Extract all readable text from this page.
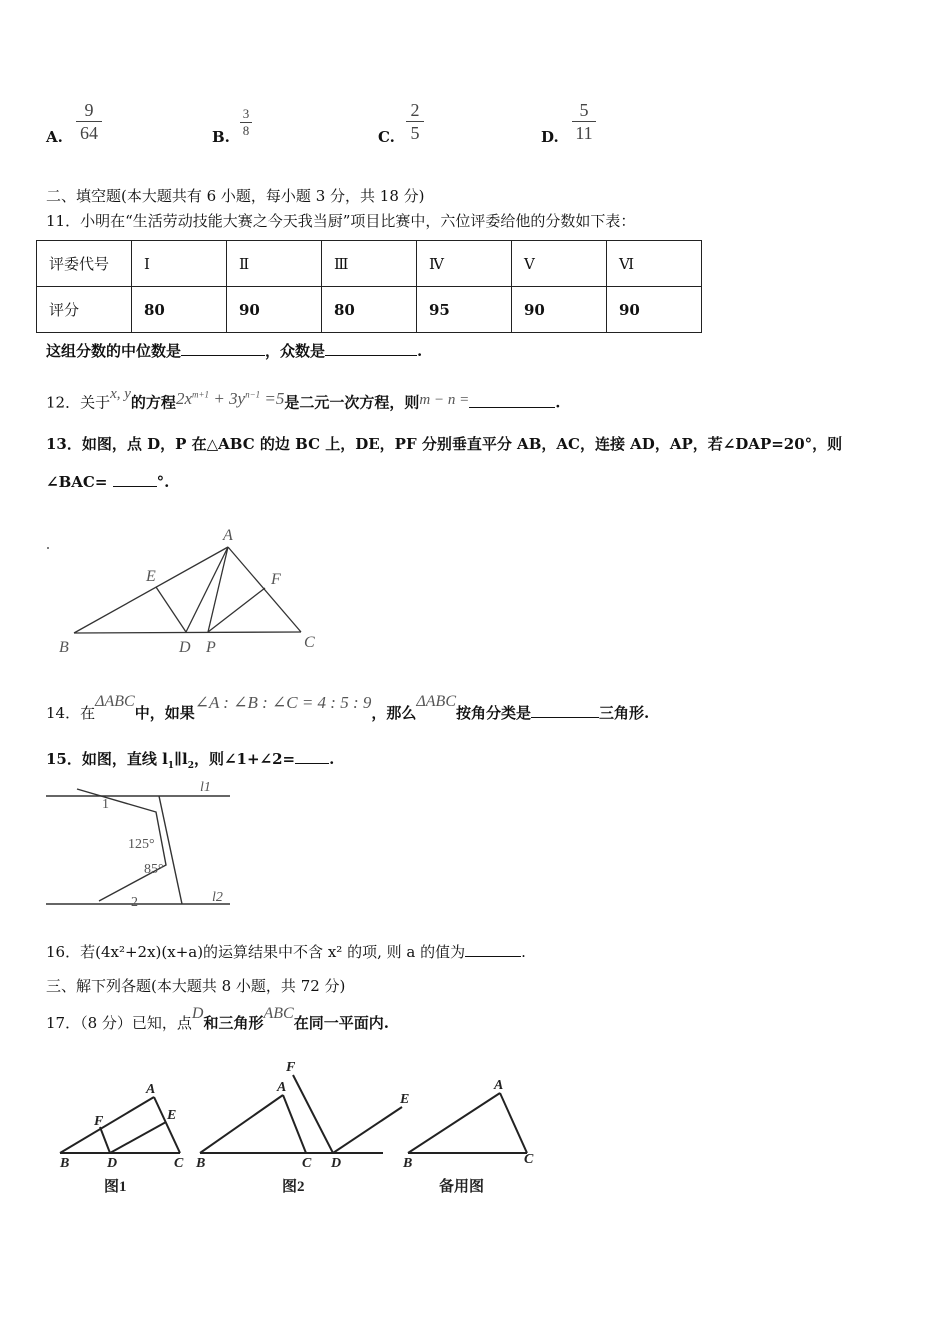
A.
9
64	B.
3
8	C.
2
5	D.
5
11
二、填空题(本大题共有 6 小题，每小题 3 分，共 18 分)
11．小明在“生活劳动技能大赛之今天我当厨”项目比赛中，六位评委给他的分数如下表：
评委代号	Ⅰ	Ⅱ	Ⅲ	Ⅳ	Ⅴ	Ⅵ
评分	80	90	80	95	90	90
这组分数的中位数是	，众数是	.
12．关于x, y的方程$2x^{m+1} + 3y^{n-1} =5$是二元一次方程，则m − n =	.
13．如图，点 D，P 在△ABC 的边 BC 上，DE，PF 分别垂直平分 AB，AC，连接 AD，AP，若∠DAP=20°，则
∠BAC=	°.
A
B	C
D
E	F
P
14．在ΔABC中，如果∠A : ∠B : ∠C = 4 : 5 : 9，那么ΔABC按角分类是	三角形.
15．如图，直线 $l_1\parallel l_2$，则∠1+∠2= .
l1
l2
1
2
125°
85°
16．若(4x²+2x)(x+a)的运算结果中不含 x² 的项, 则 a 的值为	.
三、解下列各题(本大题共 8 小题，共 72 分)
17．（8 分）已知，点D和三角形ABC在同一平面内.
B	D	C
A
E
F
B	C D
A
F
E
B	C
A
图1	图2	备用图
